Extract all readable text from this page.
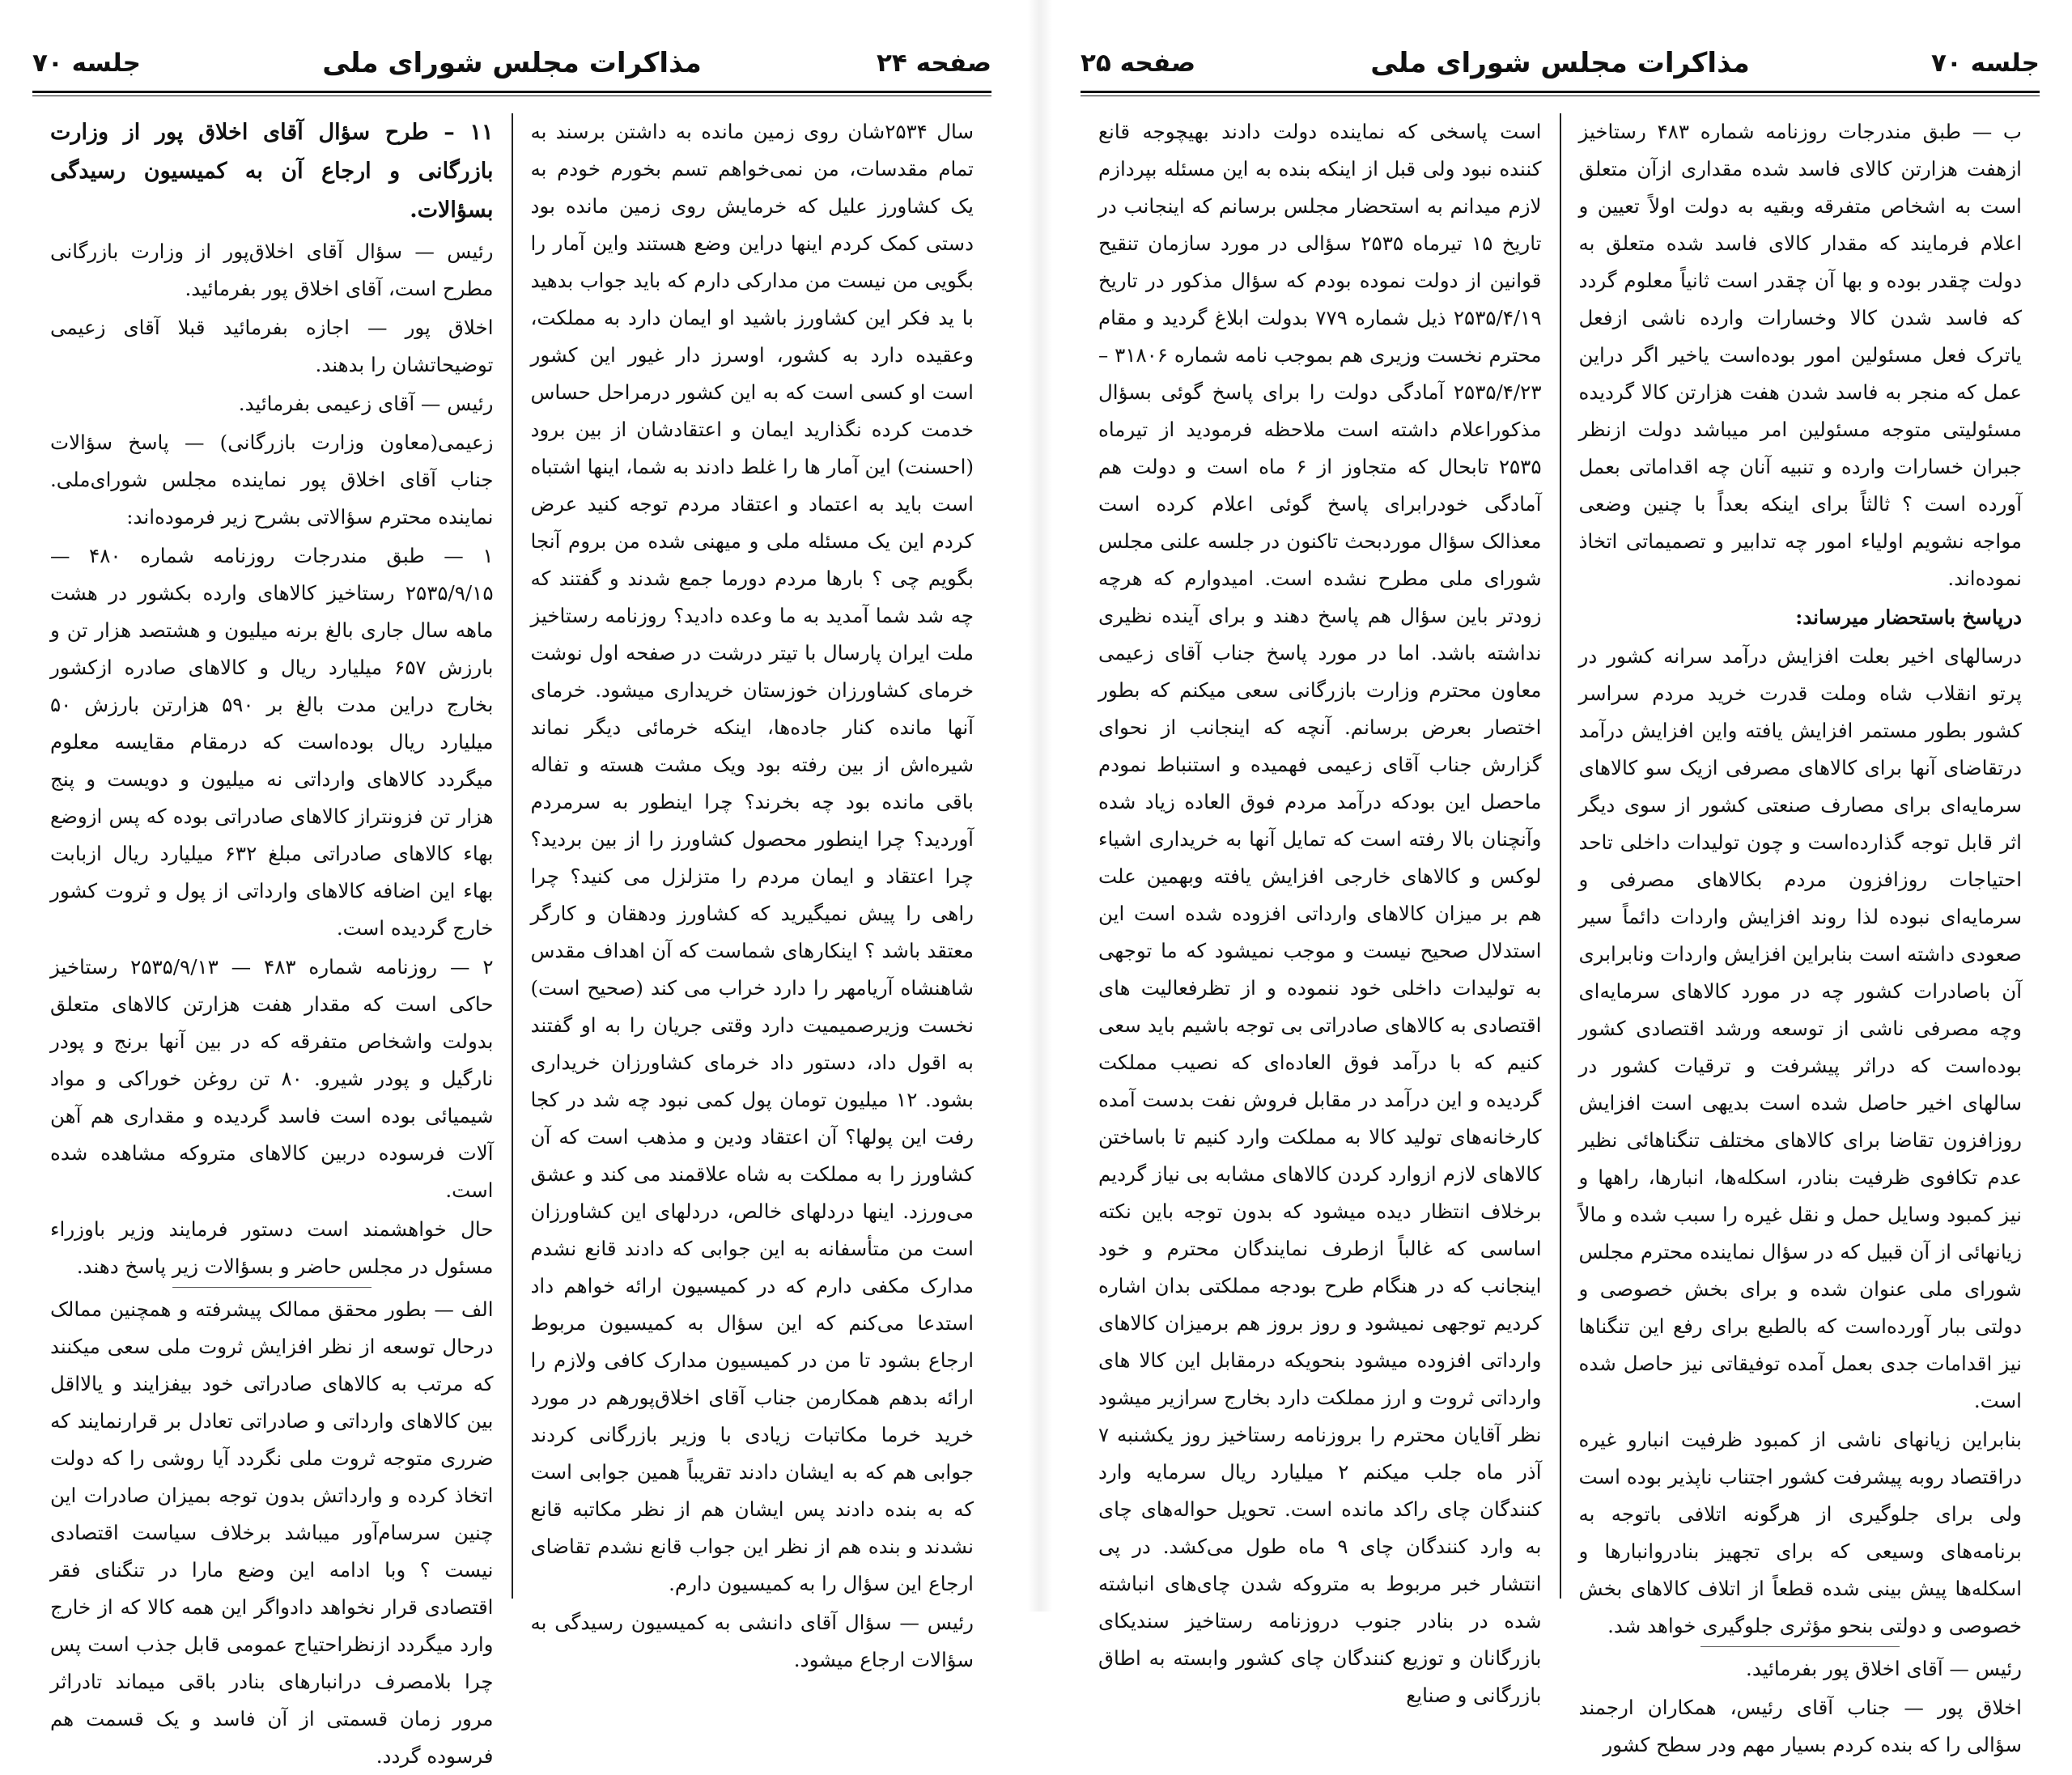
صفحه ۲۴
مذاکرات مجلس شورای ملی
جلسه ۷۰

سال ۲۵۳۴شان روی زمین مانده به داشتن برسند به تمام مقدسات، من نمی‌خواهم تسم بخورم خودم به یک کشاورز علیل که خرمایش روی زمین مانده بود دستی کمک کردم اینها دراین وضع هستند واین آمار را بگویی من نیست من مدارکی دارم که باید جواب بدهید با ید فکر این کشاورز باشید او ایمان دارد به مملکت، وعقیده دارد به کشور، اوسرز دار غیور این کشور است او کسی است که به این کشور درمراحل حساس خدمت کرده نگذارید ایمان و اعتقادشان از بین برود (احسنت) این آمار ها را غلط دادند به شما، اینها اشتباه است باید به اعتماد و اعتقاد مردم توجه کنید عرض کردم این یک مسئله ملی و میهنی شده من بروم آنجا بگویم چی ؟ بارها مردم دورما جمع شدند و گفتند که چه شد شما آمدید به ما وعده دادید؟ روزنامه رستاخیز ملت ایران پارسال با تیتر درشت در صفحه اول نوشت خرمای کشاورزان خوزستان خریداری میشود. خرمای آنها مانده کنار جاده‌ها، اینکه خرمائی دیگر نماند شیره‌اش از بین رفته بود ویک مشت هسته و تفاله باقی مانده بود چه بخرند؟ چرا اینطور به سرمردم آوردید؟ چرا اینطور محصول کشاورز را از بین بردید؟ چرا اعتقاد و ایمان مردم را متزلزل می کنید؟ چرا راهی را پیش نمیگیرید که کشاورز ودهقان و کارگر معتقد باشد ؟ اینکارهای شماست که آن اهداف مقدس شاهنشاه آریامهر را دارد خراب می کند (صحیح است) نخست وزیرصمیمیت دارد وقتی جریان را به او گفتند به اقول داد، دستور داد خرمای کشاورزان خریداری بشود. ۱۲ میلیون تومان پول کمی نبود چه شد در کجا رفت این پولها؟ آن اعتقاد ودین و مذهب است که آن کشاورز را به مملکت به شاه علاقمند می کند و عشق می‌ورزد. اینها دردلهای خالص، دردلهای این کشاورزان است من متأسفانه به این جوابی که دادند قانع نشدم مدارک مکفی دارم که در کمیسیون ارائه خواهم داد استدعا می‌کنم که این سؤال به کمیسیون مربوط ارجاع بشود تا من در کمیسیون مدارک کافی ولازم را ارائه بدهم همکارمن جناب آقای اخلاق‌پورهم در مورد خرید خرما مکاتبات زیادی با وزیر بازرگانی کردند جوابی هم که به ایشان دادند تقریباً همین جوابی است که به بنده دادند پس ایشان هم از نظر مکاتبه قانع نشدند و بنده هم از نظر این جواب قانع نشدم تقاضای ارجاع این سؤال را به کمیسیون دارم.

رئیس — سؤال آقای دانشی به کمیسیون رسیدگی به سؤالات ارجاع میشود.

۱۱ – طرح سؤال آقای اخلاق پور از وزارت بازرگانی و ارجاع آن به کمیسیون رسیدگی بسؤالات.

رئیس — سؤال آقای اخلاق‌پور از وزارت بازرگانی مطرح است، آقای اخلاق پور بفرمائید.

اخلاق پور — اجازه بفرمائید قبلا آقای زعیمی توضیحاتشان را بدهند.

رئیس — آقای زعیمی بفرمائید.

زعیمی(معاون وزارت بازرگانی) — پاسخ سؤالات جناب آقای اخلاق پور نماینده مجلس شورای‌ملی. نماینده محترم سؤالاتی بشرح زیر فرموده‌اند:

۱ — طبق مندرجات روزنامه شماره ۴۸۰ — ۲۵۳۵/۹/۱۵ رستاخیز کالاهای وارده بکشور در هشت ماهه سال جاری بالغ برنه میلیون و هشتصد هزار تن و بارزش ۶۵۷ میلیارد ریال و کالاهای صادره ازکشور بخارج دراین مدت بالغ بر ۵۹۰ هزارتن بارزش ۵۰ میلیارد ریال بوده‌است که درمقام مقایسه معلوم میگردد کالاهای وارداتی نه میلیون و دویست و پنج هزار تن فزونتراز کالاهای صادراتی بوده که پس ازوضع بهاء کالاهای صادراتی مبلغ ۶۳۲ میلیارد ریال ازبابت بهاء این اضافه کالاهای وارداتی از پول و ثروت کشور خارج گردیده است.

۲ — روزنامه شماره ۴۸۳ — ۲۵۳۵/۹/۱۳ رستاخیز حاکی است که مقدار هفت هزارتن کالاهای متعلق بدولت واشخاص متفرقه که در بین آنها برنج و پودر نارگیل و پودر شیرو. ۸۰ تن روغن خوراکی و مواد شیمیائی بوده است فاسد گردیده و مقداری هم آهن آلات فرسوده دربین کالاهای متروکه مشاهده شده است.

حال خواهشمند است دستور فرمایند وزیر باوزراء مسئول در مجلس حاضر و بسؤالات زیر پاسخ دهند.

الف — بطور محقق ممالک پیشرفته و همچنین ممالک درحال توسعه از نظر افزایش ثروت ملی سعی میکنند که مرتب به کالاهای صادراتی خود بیفزایند و یالااقل بین کالاهای وارداتی و صادراتی تعادل بر قرارنمایند که ضرری متوجه ثروت ملی نگردد آیا روشی را که دولت اتخاذ کرده و وارداتش بدون توجه بمیزان صادرات این چنین سرسام‌آور میباشد برخلاف سیاست اقتصادی نیست ؟ وبا ادامه این وضع مارا در تنگنای فقر اقتصادی قرار نخواهد دادواگر این همه کالا که از خارج وارد میگردد ازنظراحتیاج عمومی قابل جذب است پس چرا بلامصرف درانبارهای بنادر باقی میماند تادراثر مرور زمان قسمتی از آن فاسد و یک قسمت هم فرسوده گردد.

جلسه ۷۰
مذاکرات مجلس شورای ملی
صفحه ۲۵

ب — طبق مندرجات روزنامه شماره ۴۸۳ رستاخیز ازهفت هزارتن کالای فاسد شده مقداری ازآن متعلق است به اشخاص متفرقه وبقیه به دولت اولاً تعیین و اعلام فرمایند که مقدار کالای فاسد شده متعلق به دولت چقدر بوده و بها آن چقدر است ثانیاً معلوم گردد که فاسد شدن کالا وخسارات وارده ناشی ازفعل یاترک فعل مسئولین امور بوده‌است یاخیر اگر دراین عمل که منجر به فاسد شدن هفت هزارتن کالا گردیده مسئولیتی متوجه مسئولین امر میباشد دولت ازنظر جبران خسارات وارده و تنبیه آنان چه اقداماتی بعمل آورده است ؟ ثالثاً برای اینکه بعداً با چنین وضعی مواجه نشویم اولیاء امور چه تدابیر و تصمیماتی اتخاذ نموده‌اند.

درپاسخ باستحضار میرساند:

درسالهای اخیر بعلت افزایش درآمد سرانه کشور در پرتو انقلاب شاه وملت قدرت خرید مردم سراسر کشور بطور مستمر افزایش یافته واین افزایش درآمد درتقاضای آنها برای کالاهای مصرفی ازیک سو کالاهای سرمایه‌ای برای مصارف صنعتی کشور از سوی دیگر اثر قابل توجه گذارده‌است و چون تولیدات داخلی تاحد احتیاجات روزافزون مردم بکالاهای مصرفی و سرمایه‌ای نبوده لذا روند افزایش واردات دائماً سیر صعودی داشته است بنابراین افزایش واردات ونابرابری آن باصادرات کشور چه در مورد کالاهای سرمایه‌ای وچه مصرفی ناشی از توسعه ورشد اقتصادی کشور بوده‌است که دراثر پیشرفت و ترقیات کشور در سالهای اخیر حاصل شده است بدیهی است افزایش روزافزون تقاضا برای کالاهای مختلف تنگناهائی نظیر عدم تکافوی ظرفیت بنادر، اسکله‌ها، انبارها، راهها و نیز کمبود وسایل حمل و نقل غیره را سبب شده و مالاً زیانهائی از آن قبیل که در سؤال نماینده محترم مجلس شورای ملی عنوان شده و برای بخش خصوصی و دولتی ببار آورده‌است که بالطبع برای رفع این تنگناها نیز اقدامات جدی بعمل آمده توفیقاتی نیز حاصل شده است.

بنابراین زیانهای ناشی از کمبود ظرفیت انبارو غیره دراقتصاد روبه پیشرفت کشور اجتناب ناپذیر بوده است ولی برای جلوگیری از هرگونه اتلافی باتوجه به برنامه‌های وسیعی که برای تجهیز بنادروانبارها و اسکله‌ها پیش بینی شده قطعاً از اتلاف کالاهای بخش خصوصی و دولتی بنحو مؤثری جلوگیری خواهد شد.

رئیس — آقای اخلاق پور بفرمائید.

اخلاق پور — جناب آقای رئیس، همکاران ارجمند سؤالی را که بنده کردم بسیار مهم ودر سطح کشور

است پاسخی که نماینده دولت دادند بهیچوجه قانع کننده نبود ولی قبل از اینکه بنده به این مسئله بپردازم لازم میدانم به استحضار مجلس برسانم که اینجانب در تاریخ ۱۵ تیرماه ۲۵۳۵ سؤالی در مورد سازمان تنقیح قوانین از دولت نموده بودم که سؤال مذکور در تاریخ ۲۵۳۵/۴/۱۹ ذیل شماره ۷۷۹ بدولت ابلاغ گردید و مقام محترم نخست وزیری هم بموجب نامه شماره ۳۱۸۰۶ – ۲۵۳۵/۴/۲۳ آمادگی دولت را برای پاسخ گوئی بسؤال مذکوراعلام داشته است ملاحظه فرمودید از تیرماه ۲۵۳۵ تابحال که متجاوز از ۶ ماه است و دولت هم آمادگی خودرابرای پاسخ گوئی اعلام کرده است معذالک سؤال موردبحث تاکنون در جلسه علنی مجلس شورای ملی مطرح نشده است. امیدوارم که هرچه زودتر باین سؤال هم پاسخ دهند و برای آینده نظیری نداشته باشد. اما در مورد پاسخ جناب آقای زعیمی معاون محترم وزارت بازرگانی سعی میکنم که بطور اختصار بعرض برسانم. آنچه که اینجانب از نحوای گزارش جناب آقای زعیمی فهمیده و استنباط نمودم ماحصل این بودکه درآمد مردم فوق العاده زیاد شده وآنچنان بالا رفته است که تمایل آنها به خریداری اشیاء لوکس و کالاهای خارجی افزایش یافته وبهمین علت هم بر میزان کالاهای وارداتی افزوده شده است این استدلال صحیح نیست و موجب نمیشود که ما توجهی به تولیدات داخلی خود ننموده و از تظرفعالیت های اقتصادی به کالاهای صادراتی بی توجه باشیم باید سعی کنیم که با درآمد فوق العاده‌ای که نصیب مملکت گردیده و این درآمد در مقابل فروش نفت بدست آمده کارخانه‌های تولید کالا به مملکت وارد کنیم تا باساختن کالاهای لازم ازوارد کردن کالاهای مشابه بی نیاز گردیم برخلاف انتظار دیده میشود که بدون توجه باین نکته اساسی که غالباً ازطرف نمایندگان محترم و خود اینجانب که در هنگام طرح بودجه مملکتی بدان اشاره کردیم توجهی نمیشود و روز بروز هم برمیزان کالاهای وارداتی افزوده میشود بنحویکه درمقابل این کالا های وارداتی ثروت و ارز مملکت دارد بخارج سرازیر میشود نظر آقایان محترم را بروزنامه رستاخیز روز یکشنبه ۷ آذر ماه جلب میکنم ۲ میلیارد ریال سرمایه وارد کنندگان چای راکد مانده است. تحویل حواله‌های چای به وارد کنندگان چای ۹ ماه طول می‌کشد. در پی انتشار خبر مربوط به متروکه شدن چای‌های انباشته شده در بنادر جنوب دروزنامه رستاخیز سندیکای بازرگانان و توزیع کنندگان چای کشور وابسته به اطاق بازرگانی و صنایع
